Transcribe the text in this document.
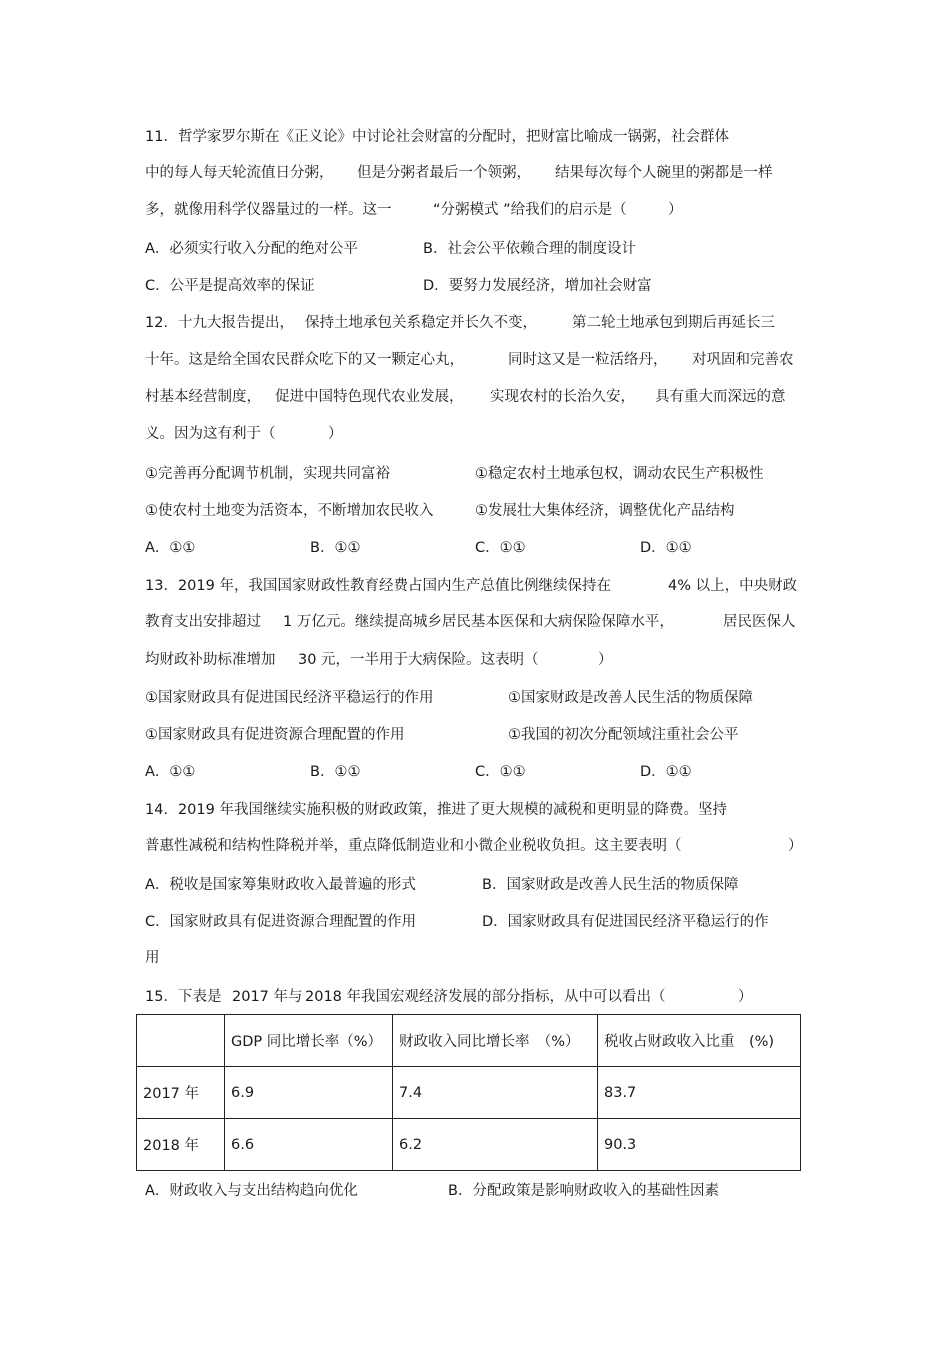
11．哲学家罗尔斯在《正义论》中讨论社会财富的分配时，把财富比喻成一锅粥，社会群体
中的每人每天轮流值日分粥， 但是分粥者最后一个领粥， 结果每次每个人碗里的粥都是一样
多，就像用科学仪器量过的一样。这一	“分粥模式 ”给我们的启示是（	）
A．必须实行收入分配的绝对公平	B．社会公平依赖合理的制度设计
C．公平是提高效率的保证	D．要努力发展经济，增加社会财富
12．十九大报告提出， 保持土地承包关系稳定并长久不变， 第二轮土地承包到期后再延长三
十年。这是给全国农民群众吃下的又一颗定心丸，	同时这又是一粒活络丹， 对巩固和完善农
村基本经营制度， 促进中国特色现代农业发展， 实现农村的长治久安， 具有重大而深远的意
义。因为这有利于（	）
①完善再分配调节机制，实现共同富裕	①稳定农村土地承包权，调动农民生产积极性
①使农村土地变为活资本，不断增加农民收入	①发展壮大集体经济，调整优化产品结构
A．①①	B．①①	C．①①	D．①①
13．2019 年，我国国家财政性教育经费占国内生产总值比例继续保持在	4% 以上，中央财政
教育支出安排超过 1 万亿元。继续提高城乡居民基本医保和大病保险保障水平，	居民医保人
均财政补助标准增加 30 元，一半用于大病保险。这表明（	）
①国家财政具有促进国民经济平稳运行的作用	①国家财政是改善人民生活的物质保障
①国家财政具有促进资源合理配置的作用	①我国的初次分配领域注重社会公平
A．①①	B．①①	C．①①	D．①①
14．2019 年我国继续实施积极的财政政策，推进了更大规模的减税和更明显的降费。坚持
普惠性减税和结构性降税并举，重点降低制造业和小微企业税收负担。这主要表明（	）
A．税收是国家筹集财政收入最普遍的形式	B．国家财政是改善人民生活的物质保障
C．国家财政具有促进资源合理配置的作用	D．国家财政具有促进国民经济平稳运行的作
用
15．下表是 2017 年与 2018 年我国宏观经济发展的部分指标，从中可以看出（	）
	GDP 同比增长率（%）	财政收入同比增长率　（%）	税收占财政收入比重　(%)
2017 年	6.9	7.4	83.7
2018 年	6.6	6.2	90.3
A．财政收入与支出结构趋向优化	B．分配政策是影响财政收入的基础性因素
